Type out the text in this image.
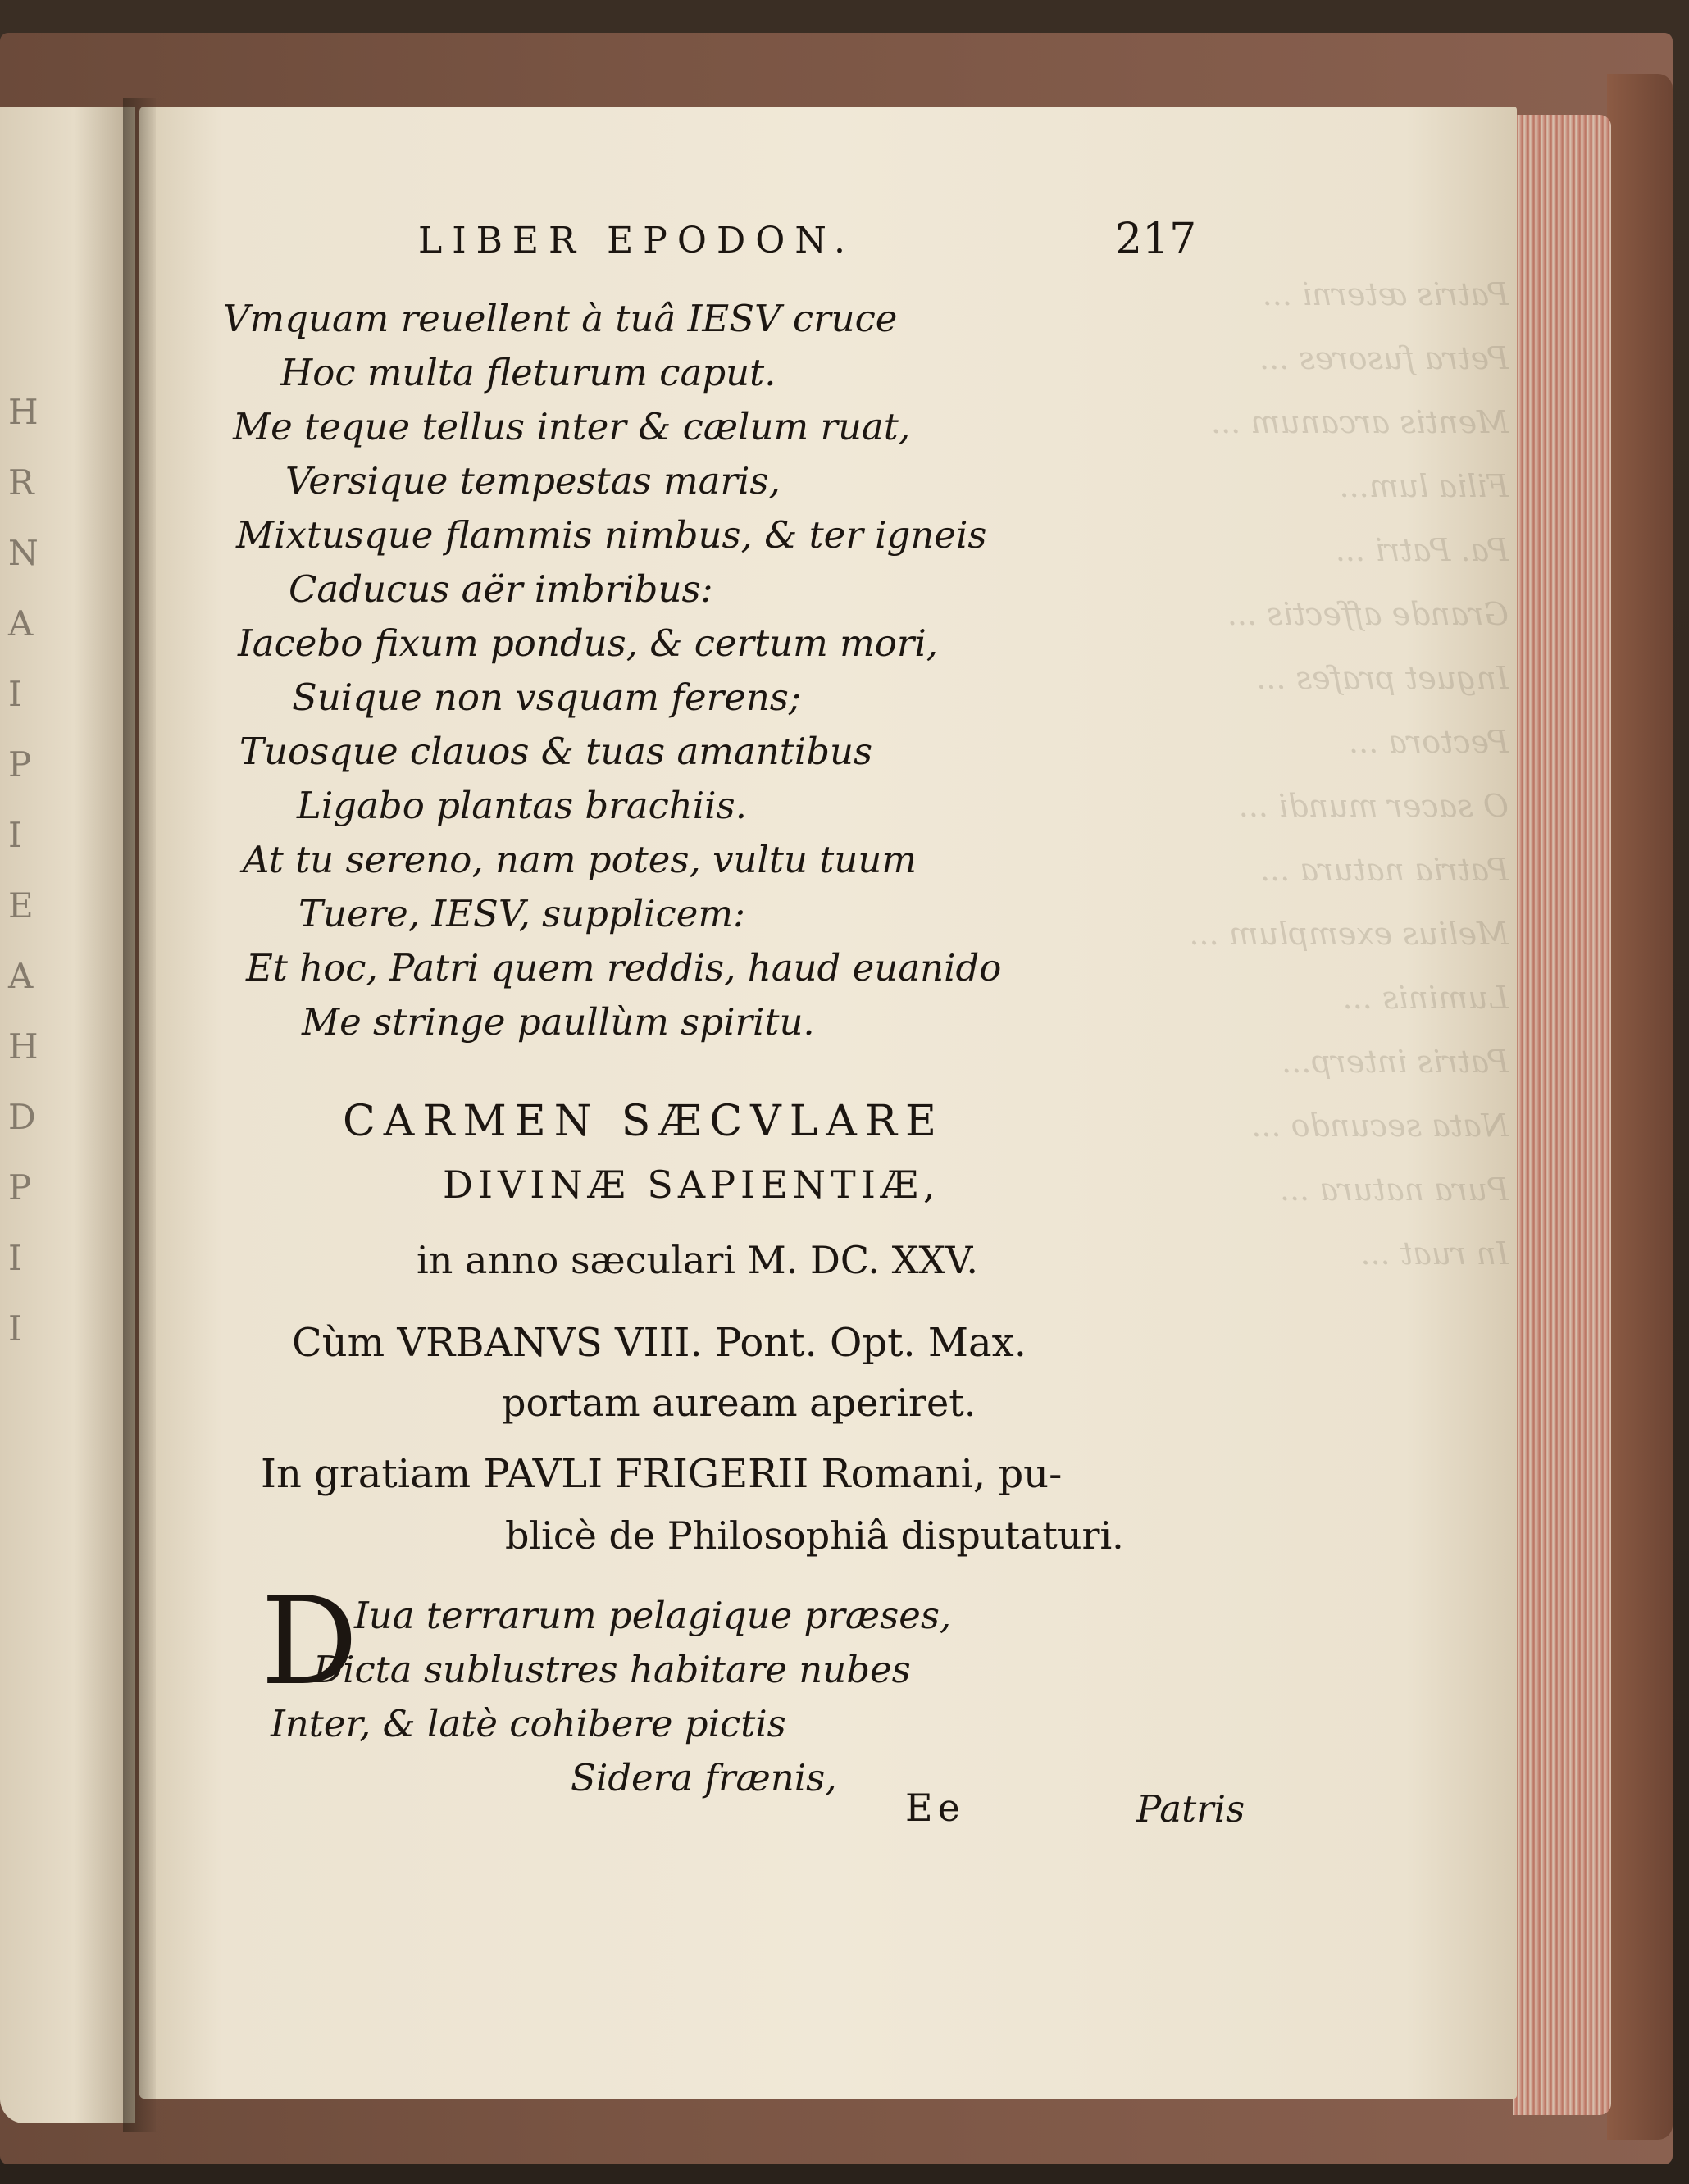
H
R
N
A
I
P
I
E
A
H
D
P
I
I
Patris æterni ...
Petra fusores ...
Mentis arcanum ...
Filia lum...
Pa. Patri ...
Grande affectis ...
Inguet prafes ...
Pectora ...
O sacer mundi ...
Patria natura ...
Melius exemplum ...
Luminis ...
Patris interp...
Nata secundo ...
Pura natura ...
In ruat ...
LIBER EPODON.	217
Vmquam reuellent à tuâ IESV cruce
Hoc multa fleturum caput.
Me teque tellus inter & cælum ruat,
Versique tempestas maris,
Mixtusque flammis nimbus, & ter igneis
Caducus aër imbribus:
Iacebo fixum pondus, & certum mori,
Suique non vsquam ferens;
Tuosque clauos & tuas amantibus
Ligabo plantas brachiis.
At tu sereno, nam potes, vultu tuum
Tuere, IESV, supplicem:
Et hoc, Patri quem reddis, haud euanido
Me stringe paullùm spiritu.
CARMEN SÆCVLARE
DIVINÆ SAPIENTIÆ,
in anno sæculari M. DC. XXV.
Cùm VRBANVS VIII. Pont. Opt. Max.
portam auream aperiret.
In gratiam PAVLI FRIGERII Romani, pu-
blicè de Philosophiâ disputaturi.
D
Iua terrarum pelagique præses,
Dicta sublustres habitare nubes
Inter, & latè cohibere pictis
Sidera frænis,
Ee	Patris
